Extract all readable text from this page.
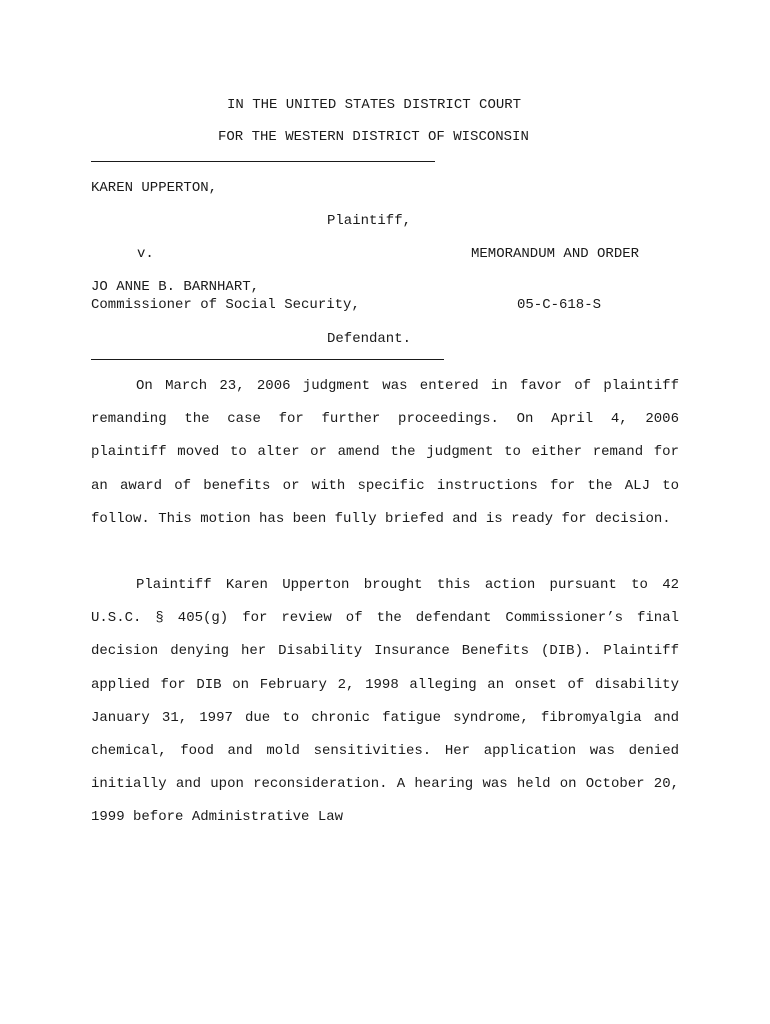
IN THE UNITED STATES DISTRICT COURT
FOR THE WESTERN DISTRICT OF WISCONSIN
KAREN UPPERTON,
Plaintiff,
v.	MEMORANDUM AND ORDER
JO ANNE B. BARNHART,
Commissioner of Social Security,	05-C-618-S
Defendant.

On March 23, 2006 judgment was entered in favor of plaintiff remanding the case for further proceedings. On April 4, 2006 plaintiff moved to alter or amend the judgment to either remand for an award of benefits or with specific instructions for the ALJ to follow. This motion has been fully briefed and is ready for decision.

Plaintiff Karen Upperton brought this action pursuant to 42 U.S.C. § 405(g) for review of the defendant Commissioner’s final decision denying her Disability Insurance Benefits (DIB). Plaintiff applied for DIB on February 2, 1998 alleging an onset of disability January 31, 1997 due to chronic fatigue syndrome, fibromyalgia and chemical, food and mold sensitivities. Her application was denied initially and upon reconsideration. A hearing was held on October 20, 1999 before Administrative Law
